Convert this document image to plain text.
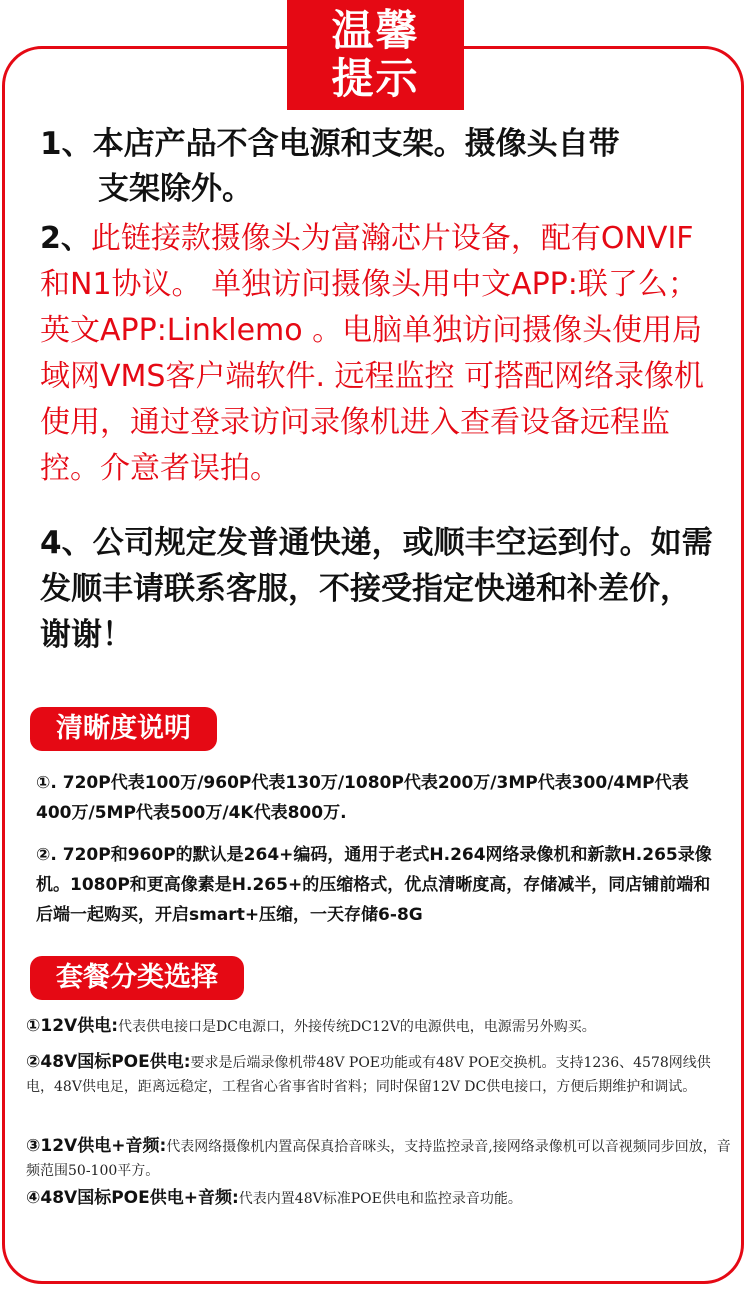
温馨
提示
1、本店产品不含电源和支架。摄像头自带
支架除外。
2、此链接款摄像头为富瀚芯片设备，配有ONVIF和N1协议。 单独访问摄像头用中文APP:联了么；英文APP:Linklemo 。电脑单独访问摄像头使用局域网VMS客户端软件. 远程监控 可搭配网络录像机使用，通过登录访问录像机进入查看设备远程监控。介意者误拍。
4、公司规定发普通快递，或顺丰空运到付。如需发顺丰请联系客服，不接受指定快递和补差价，谢谢！
清晰度说明
①. 720P代表100万/960P代表130万/1080P代表200万/3MP代表300/4MP代表400万/5MP代表500万/4K代表800万.
②. 720P和960P的默认是264+编码，通用于老式H.264网络录像机和新款H.265录像机。1080P和更高像素是H.265+的压缩格式，优点清晰度高，存储减半，同店铺前端和后端一起购买，开启smart+压缩，一天存储6-8G
套餐分类选择
①12V供电:代表供电接口是DC电源口，外接传统DC12V的电源供电，电源需另外购买。
②48V国标POE供电:要求是后端录像机带48V POE功能或有48V POE交换机。支持1236、4578网线供电，48V供电足，距离远稳定，工程省心省事省时省料；同时保留12V DC供电接口，方便后期维护和调试。
③12V供电+音频:代表网络摄像机内置高保真拾音咪头，支持监控录音,接网络录像机可以音视频同步回放，音频范围50-100平方。
④48V国标POE供电+音频:代表内置48V标准POE供电和监控录音功能。
